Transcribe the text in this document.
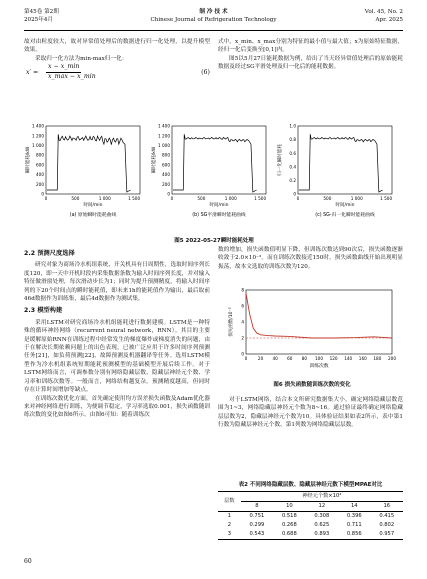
第45卷 第2期
2025年4月
制 冷 技 术
Chinese Journal of Refrigeration Technology
Vol. 45, No. 2
Apr. 2025

故对由粒度较大，故对异常值处理后的数据进行归一化处理，以提升模型效果。

采取归一化方法为min-max归一化：

x′ =
x − x_min
x_max − x_min
(6)

式中，x_min、x_max分别为特征的最小值与最大值；x为原始特征数据，经归一化后变换至[0,1]内。

图5以5月27日能耗数据为例，给出了当天经异常值处理后的原始能耗数据及经过SG平滑处理及归一化后的能耗数据。

0
200
400
600
800
1 000
1 200
1 400
0	500	1 000	1 500
时间/min
瞬时能耗/kW
(a) 原始瞬时能耗曲线
0
200
400
600
800
1 000
1 200
1 400
0	500	1 000	1 500
时间/min
瞬时能耗/kW
(b) SG平滑瞬时能耗曲线
0
0.2
0.4
0.6
0.8
1.0
0	500	1 000	1 500
时间/min
归一化瞬时能耗
(c) SG-归一化瞬时能耗曲线
图5 2022-05-27瞬时能耗处理
2.2 预测尺度选择

研究对象为商场冷水机组系统，开关机具有日周期性，选取时间序列长度120，即一天中开机时段内采集数据条数为输入时间序列长度，并对输入特征做滑窗处理，每次滑动步长为1；同时为提升预测精度，将输入时间序列的下20个时间点的瞬时能耗值，即未来1h的能耗值作为输出，最后取前46d数据作为训练集，最后4d数据作为测试集。

2.3 模型构建

采用LSTM对研究商场冷水机组能耗进行数据建模。LSTM是一种特殊的循环神经网络（recurrent neural network，RNN）。其目的主要是缓解原始RNN在训练过程中经常发生的梯度爆炸或梯度消失的问题，由于在解决长期依赖问题上的出色表现，已被广泛应用于许多时间序列预测任务[21]，如负荷预测[22]、故障预测及机器翻译等任务。选用LSTM模型作为冷水机组系统短期能耗预测模型的基础模型开展后续工作。对于LSTM网络而言，可调参数分别有网络隐藏层数、隐藏层神经元个数、学习率和训练次数等。一般而言，网络结构越复杂，预测精度越高，但同时存在计算时间增加等缺点。

在训练次数优化方面，首先确定使用均方误差损失函数及Adam优化器来对神经网络进行训练，为便调节稳定，学习率选取0.001，损失函数随训练次数的变化如图6所示。由图6可知：随着训练次

数的增加，损失函数值明显下降，但训练次数达到90次后，损失函数逐渐收敛于2.0×10⁻³。而在训练次数接近150时，损失函数曲线开始出现明显振荡，故本文选取的训练次数为120。

0
2
4
6
8
0	20 40 60 80 100 120 140 160 180 200
训练次数
损失函数/10⁻²
图6 损失函数随训练次数的变化

对于LSTM网络，结合本文所研究数据集大小，确定网络隐藏层数范围为1~3，网络隐藏层神经元个数为8~16。通过验证最终确定网络隐藏层层数为2，隐藏层神经元个数为10。具体验证结果如表2所示，表中第1行数为隐藏层神经元个数，第1列数为网络隐藏层层数。

表2 不同网络隐藏层数、隐藏层神经元数下模型MPAE对比
层数	神经元个数×10⁴				
	8	10	12	14	16
1	0.751	0.518	0.308	0.396	0.415
2	0.299	0.268	0.625	0.711	0.802
3	0.543	0.688	0.893	0.856	0.957
60
